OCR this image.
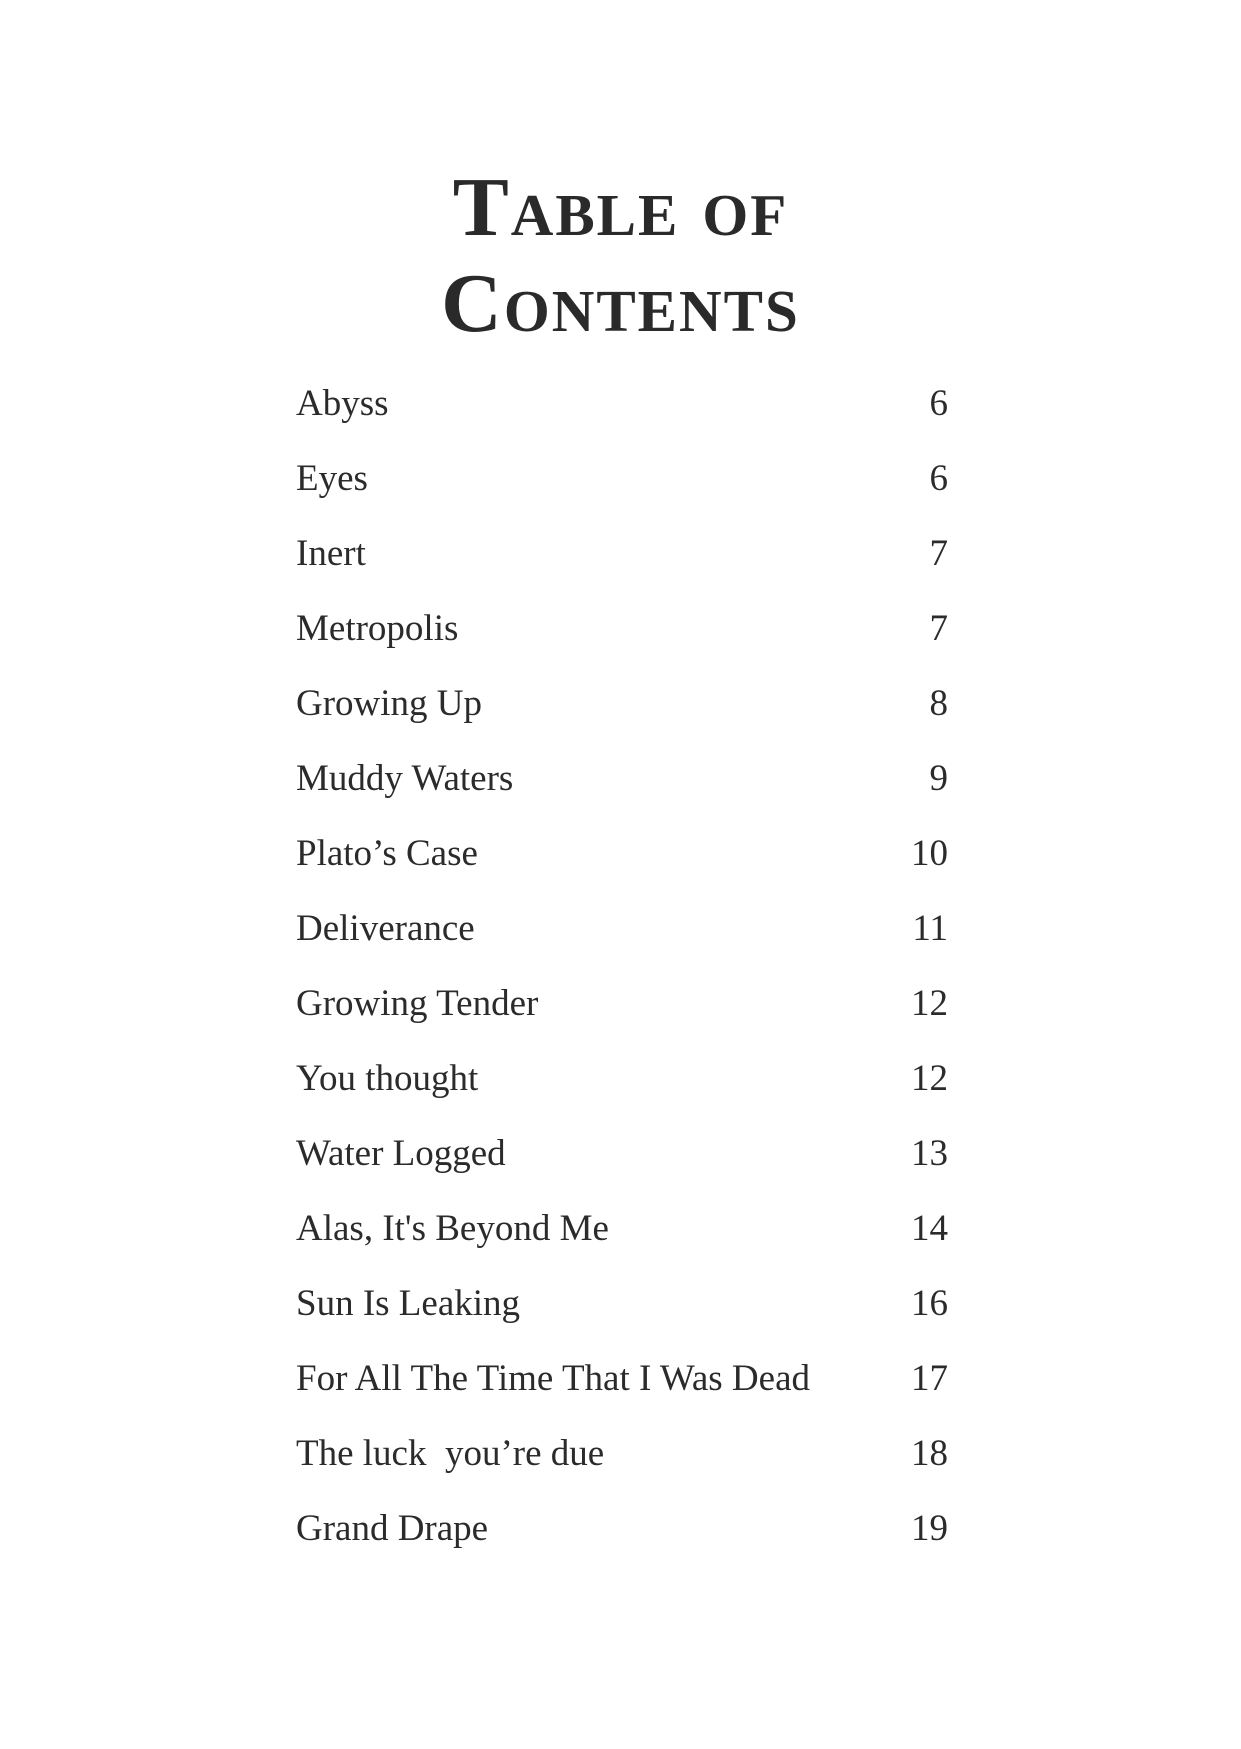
Table of
Contents
Abyss	6
Eyes	6
Inert	7
Metropolis	7
Growing Up	8
Muddy Waters	9
Plato’s Case	10
Deliverance	11
Growing Tender	12
You thought	12
Water Logged	13
Alas, It's Beyond Me	14
Sun Is Leaking	16
For All The Time That I Was Dead	17
The luck  you’re due	18
Grand Drape	19
